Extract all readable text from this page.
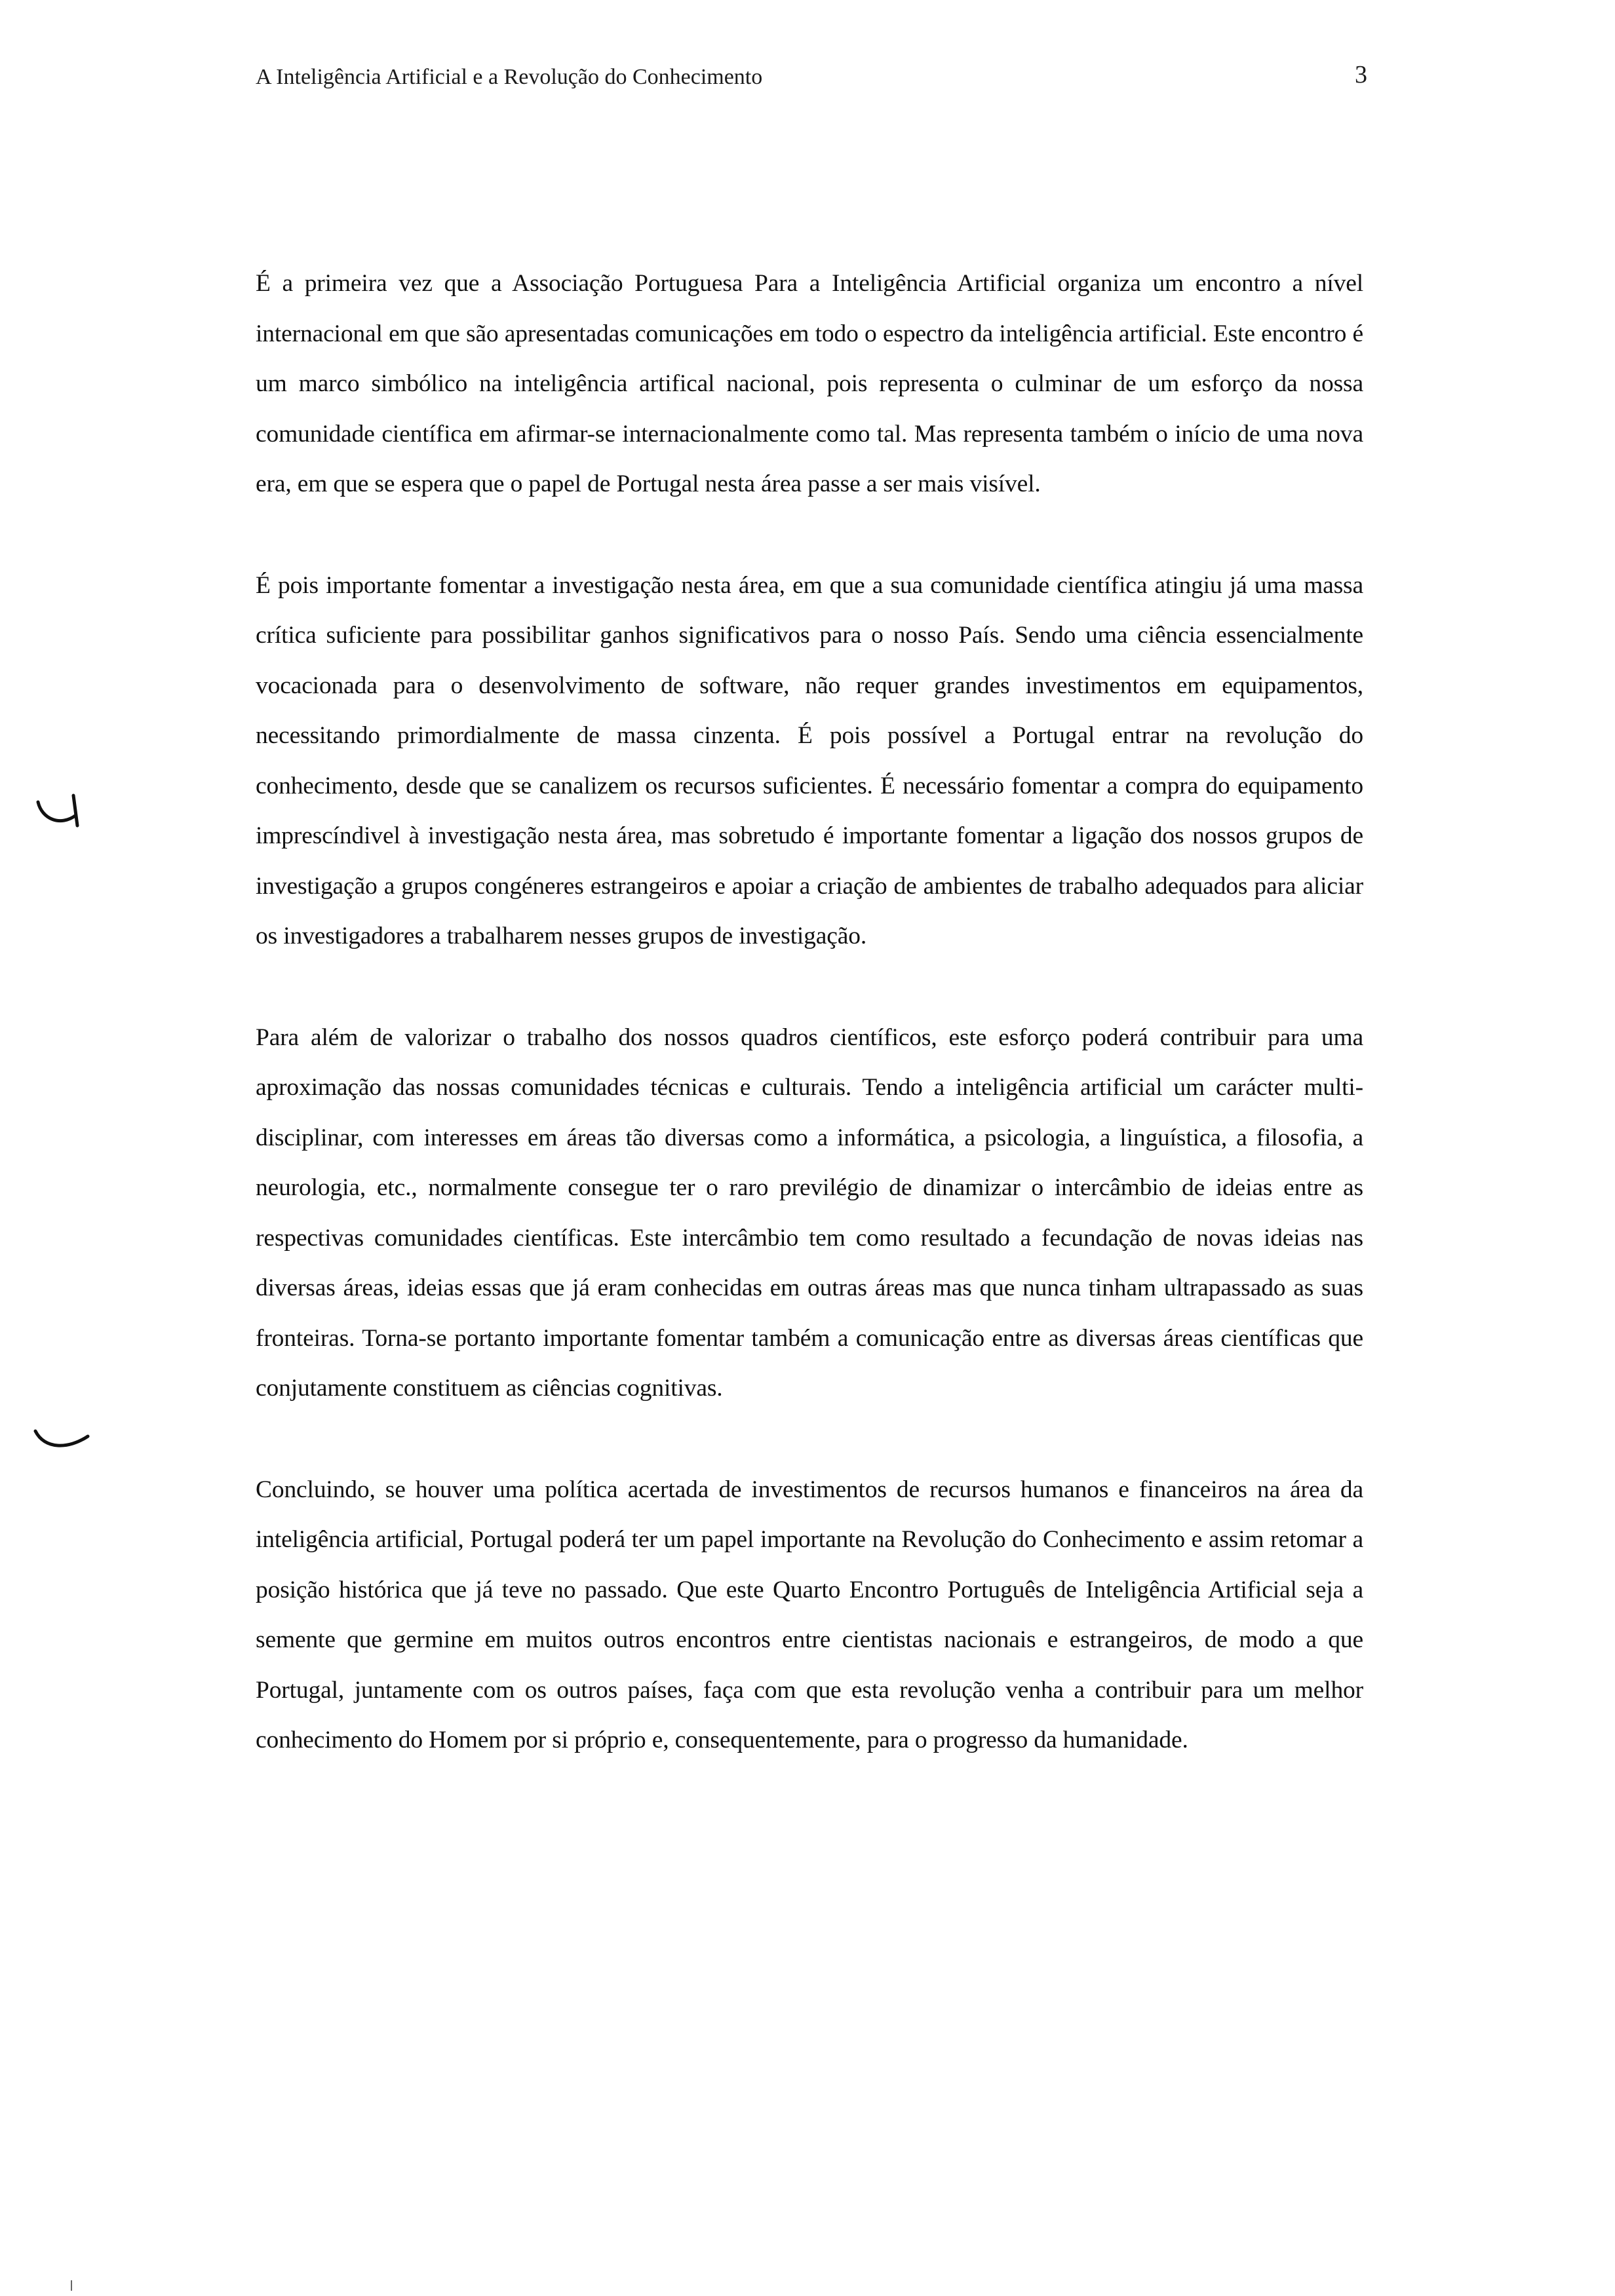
A Inteligência Artificial e a Revolução do Conhecimento	3

É a primeira vez que a Associação Portuguesa Para a Inteligência Artificial organiza um encontro a nível internacional em que são apresentadas comunicações em todo o espectro da inteligência artificial. Este encontro é um marco simbólico na inteligência artifical nacional, pois representa o culminar de um esforço da nossa comunidade científica em afirmar-se internacionalmente como tal. Mas representa também o início de uma nova era, em que se espera que o papel de Portugal nesta área passe a ser mais visível.

É pois importante fomentar a investigação nesta área, em que a sua comunidade científica atingiu já uma massa crítica suficiente para possibilitar ganhos significativos para o nosso País. Sendo uma ciência essencialmente vocacionada para o desenvolvimento de software, não requer grandes investimentos em equipamentos, necessitando primordialmente de massa cinzenta. É pois possível a Portugal entrar na revolução do conhecimento, desde que se canalizem os recursos suficientes. É necessário fomentar a compra do equipamento imprescíndivel à investigação nesta área, mas sobretudo é importante fomentar a ligação dos nossos grupos de investigação a grupos congéneres estrangeiros e apoiar a criação de ambientes de trabalho adequados para aliciar os investigadores a trabalharem nesses grupos de investigação.

Para além de valorizar o trabalho dos nossos quadros científicos, este esforço poderá contribuir para uma aproximação das nossas comunidades técnicas e culturais. Tendo a inteligência artificial um carácter multi-disciplinar, com interesses em áreas tão diversas como a informática, a psicologia, a linguística, a filosofia, a neurologia, etc., normalmente consegue ter o raro previlégio de dinamizar o intercâmbio de ideias entre as respectivas comunidades científicas. Este intercâmbio tem como resultado a fecundação de novas ideias nas diversas áreas, ideias essas que já eram conhecidas em outras áreas mas que nunca tinham ultrapassado as suas fronteiras. Torna-se portanto importante fomentar também a comunicação entre as diversas áreas científicas que conjutamente constituem as ciências cognitivas.

Concluindo, se houver uma política acertada de investimentos de recursos humanos e financeiros na área da inteligência artificial, Portugal poderá ter um papel importante na Revolução do Conhecimento e assim retomar a posição histórica que já teve no passado. Que este Quarto Encontro Português de Inteligência Artificial seja a semente que germine em muitos outros encontros entre cientistas nacionais e estrangeiros, de modo a que Portugal, juntamente com os outros países, faça com que esta revolução venha a contribuir para um melhor conhecimento do Homem por si próprio e, consequentemente, para o progresso da humanidade.
